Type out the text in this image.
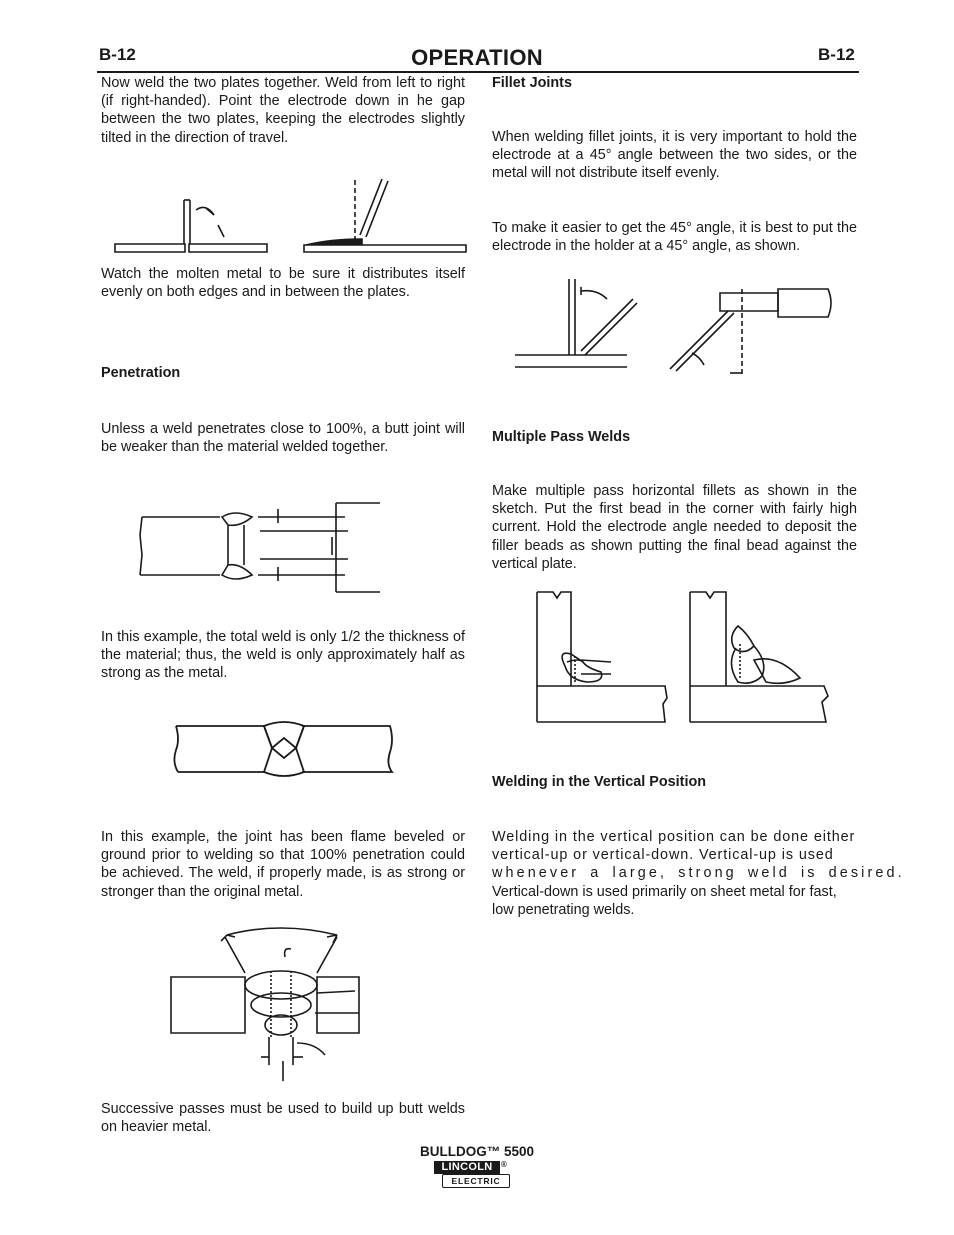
B-12	OPERATION	B-12
Now weld the two plates together. Weld from left to right (if right-handed). Point the electrode down in he gap between the two plates, keeping the electrodes slightly tilted in the direction of travel.
Watch the molten metal to be sure it distributes itself evenly on both edges and in between the plates.
Penetration
Unless a weld penetrates close to 100%, a butt joint will be weaker than the material welded together.
In this example, the total weld is only 1/2 the thickness of the material; thus, the weld is only approximately half as strong as the metal.
In this example, the joint has been flame beveled or ground prior to welding so that 100% penetration could be achieved. The weld, if properly made, is as strong or stronger than the original metal.
Successive passes must be used to build up butt welds on heavier metal.
Fillet Joints
When welding fillet joints, it is very important to hold the electrode at a 45° angle between the two sides, or the metal will not distribute itself evenly.
To make it easier to get the 45° angle, it is best to put the electrode in the holder at a 45° angle, as shown.
Multiple Pass Welds
Make multiple pass horizontal fillets as shown in the sketch. Put the first bead in the corner with fairly high current. Hold the electrode angle needed to deposit the filler beads as shown putting the final bead against the vertical plate.
Welding in the Vertical Position
Welding in the vertical position can be done either
vertical-up or vertical-down. Vertical-up is used
whenever a large, strong weld is desired.
Vertical-down is used primarily on sheet metal for fast, low penetrating welds.
BULLDOG™ 5500
LINCOLN	®
ELECTRIC
